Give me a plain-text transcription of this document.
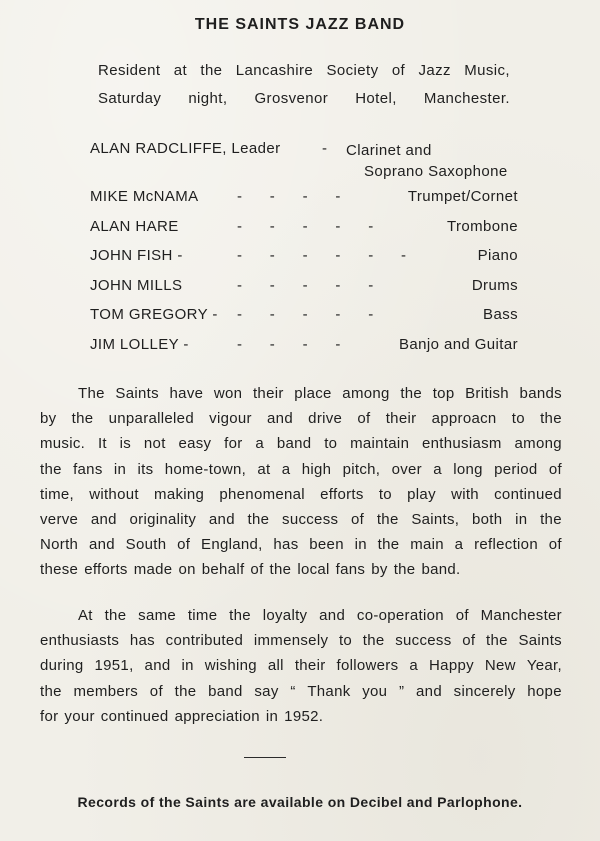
THE SAINTS JAZZ BAND
Resident at the Lancashire Society of Jazz Music,
Saturday night, Grosvenor Hotel, Manchester.
ALAN RADCLIFFE, Leader	- Clarinet and
Soprano Saxophone
MIKE McNAMA	-      -      -      -	Trumpet/Cornet
ALAN HARE	-      -      -      -      -	Trombone
JOHN FISH -	-      -      -      -      -      -	Piano
JOHN MILLS	-      -      -      -      -	Drums
TOM GREGORY - -      -      -      -      -	Bass
JIM LOLLEY -	-      -      -      -	Banjo and Guitar
The Saints have won their place among the top British bands
by the unparalleled vigour and drive of their approacn to the
music. It is not easy for a band to maintain enthusiasm among
the fans in its home-town, at a high pitch, over a long period of
time, without making phenomenal efforts to play with continued
verve and originality and the success of the Saints, both in the
North and South of England, has been in the main a reflection of
these efforts made on behalf of the local fans by the band.
At the same time the loyalty and co-operation of Manchester
enthusiasts has contributed immensely to the success of the Saints
during 1951, and in wishing all their followers a Happy New Year,
the members of the band say “ Thank you ” and sincerely hope
for your continued appreciation in 1952.
Records of the Saints are available on Decibel and Parlophone.
